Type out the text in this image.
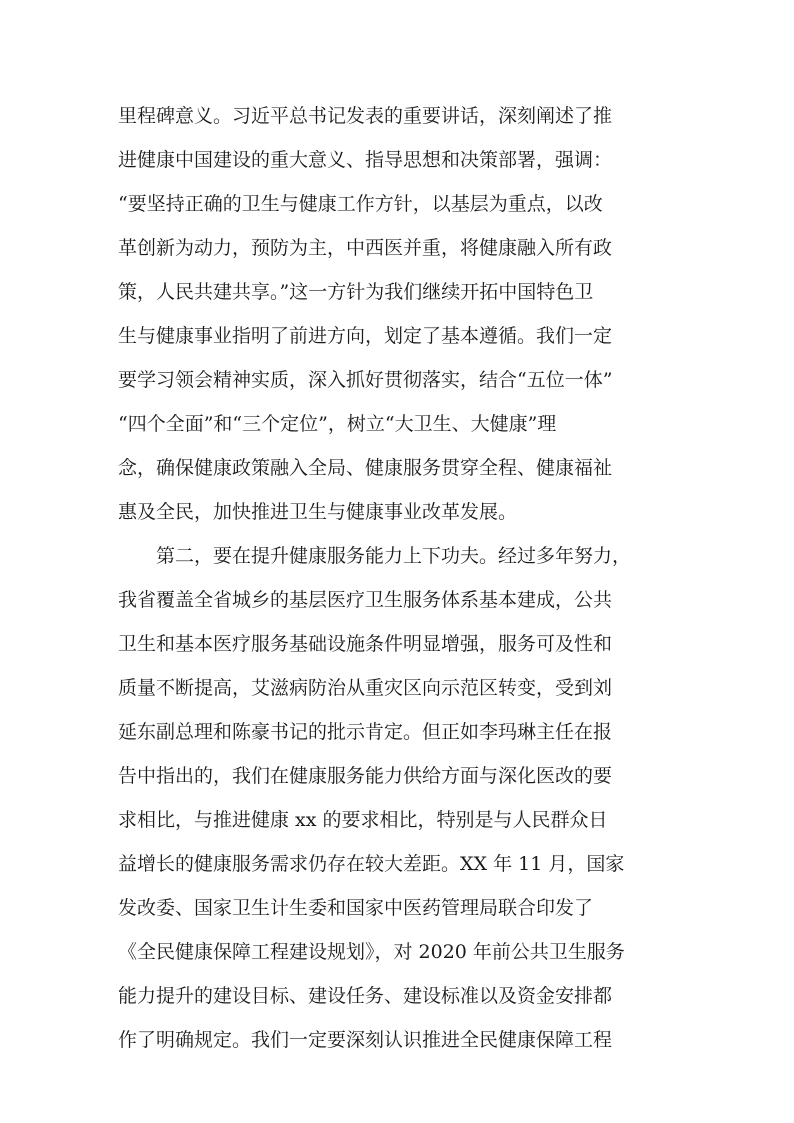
里程碑意义。习近平总书记发表的重要讲话，深刻阐述了推
进健康中国建设的重大意义、指导思想和决策部署，强调：
“要坚持正确的卫生与健康工作方针，以基层为重点，以改
革创新为动力，预防为主，中西医并重，将健康融入所有政
策，人民共建共享。”这一方针为我们继续开拓中国特色卫
生与健康事业指明了前进方向，划定了基本遵循。我们一定
要学习领会精神实质，深入抓好贯彻落实，结合“五位一体”
“四个全面”和“三个定位”，树立“大卫生、大健康”理
念，确保健康政策融入全局、健康服务贯穿全程、健康福祉
惠及全民，加快推进卫生与健康事业改革发展。
第二，要在提升健康服务能力上下功夫。经过多年努力，
我省覆盖全省城乡的基层医疗卫生服务体系基本建成，公共
卫生和基本医疗服务基础设施条件明显增强，服务可及性和
质量不断提高，艾滋病防治从重灾区向示范区转变，受到刘
延东副总理和陈豪书记的批示肯定。但正如李玛琳主任在报
告中指出的，我们在健康服务能力供给方面与深化医改的要
求相比，与推进健康 xx 的要求相比，特别是与人民群众日
益增长的健康服务需求仍存在较大差距。XX 年 11 月，国家
发改委、国家卫生计生委和国家中医药管理局联合印发了
《全民健康保障工程建设规划》，对 2020 年前公共卫生服务
能力提升的建设目标、建设任务、建设标准以及资金安排都
作了明确规定。我们一定要深刻认识推进全民健康保障工程
